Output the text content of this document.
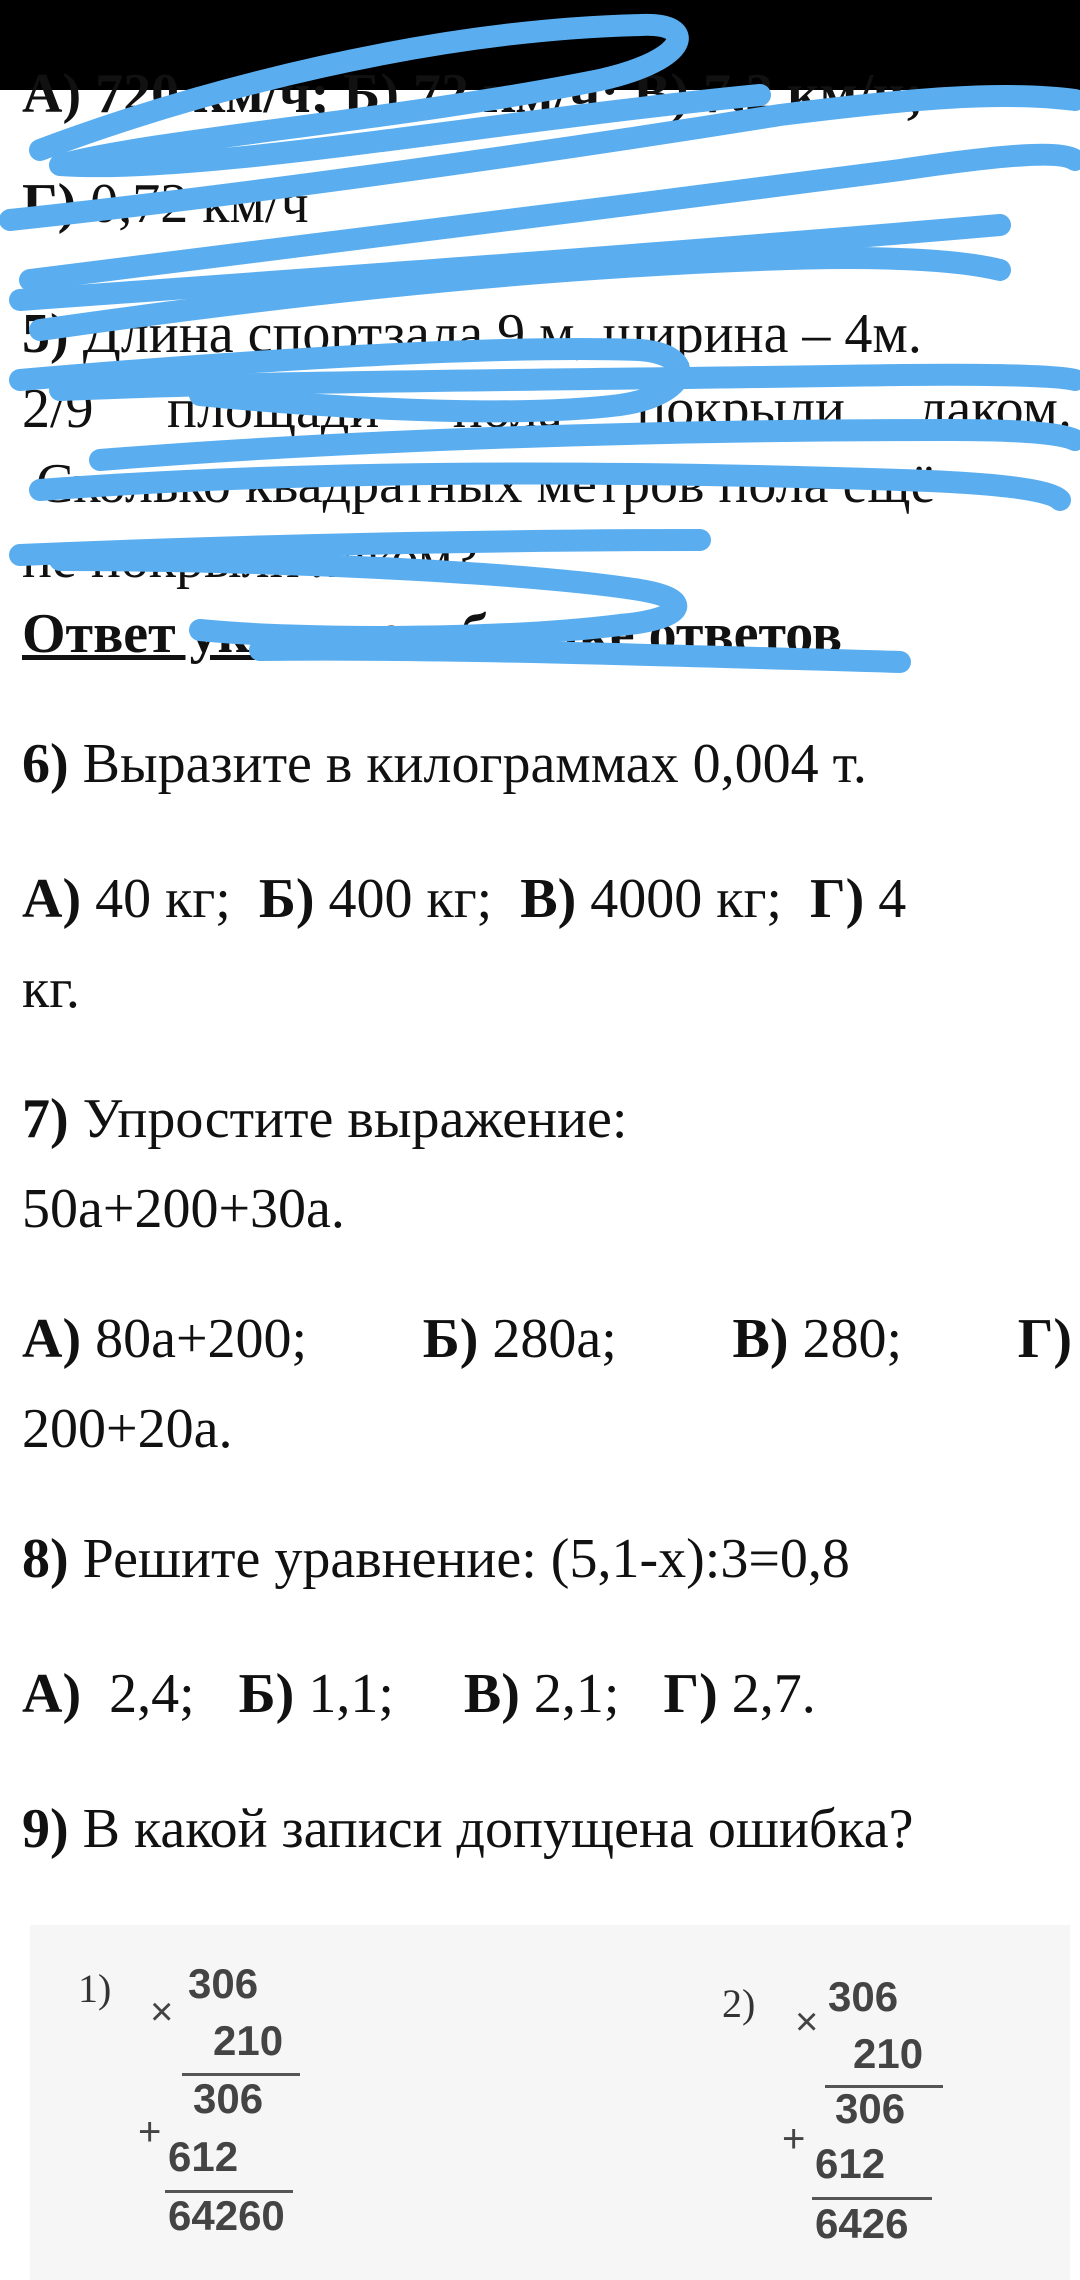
А) 720 км/ч; Б) 72 км/ч; В) 7,2 км/ч;
Г) 0,72 км/ч
5) Длина спортзала 9 м, ширина – 4м.
2/9 площади пола покрыли лаком.
Сколько квадратных метров пола ещё
не покрыли лаком?
Ответ укажите в бланке ответов
6) Выразите в килограммах 0,004 т.
А) 40 кг; Б) 400 кг; В) 4000 кг; Г) 4
кг.
7) Упростите выражение:
50а+200+30а.
А) 80а+200; Б) 280а; В) 280; Г)
200+20а.
8) Решите уравнение: (5,1-х):3=0,8
А) 2,4; Б) 1,1; В) 2,1; Г) 2,7.
9) В какой записи допущена ошибка?
1)
×
306
210
306
+
612
64260
2) ×
306
210
306
+
612
6426
